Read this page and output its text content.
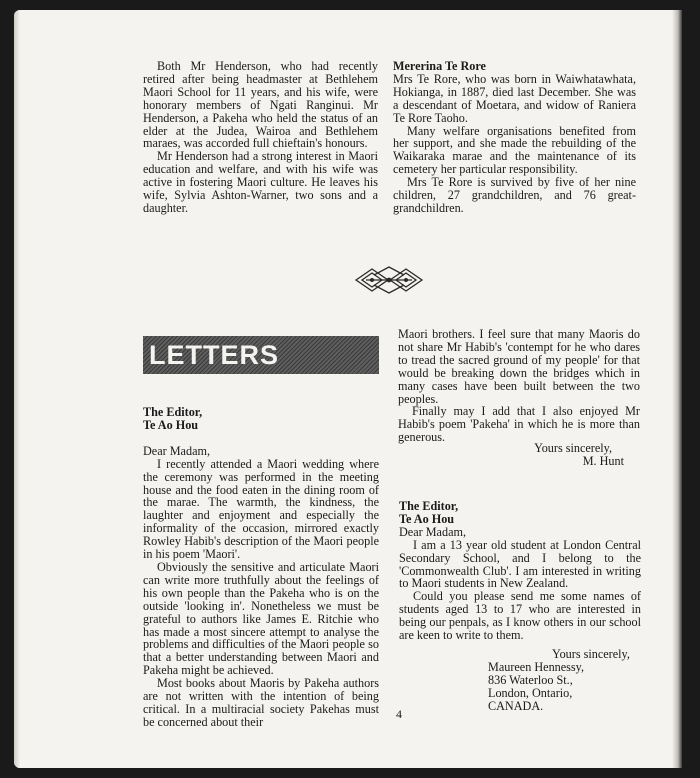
Both Mr Henderson, who had recently retired after being headmaster at Bethlehem Maori School for 11 years, and his wife, were honorary members of Ngati Ranginui. Mr Henderson, a Pakeha who held the status of an elder at the Judea, Wairoa and Bethlehem maraes, was accorded full chieftain's honours.

Mr Henderson had a strong interest in Maori education and welfare, and with his wife was active in fostering Maori culture. He leaves his wife, Sylvia Ashton-Warner, two sons and a daughter.

Mererina Te Rore

Mrs Te Rore, who was born in Waiwhatawhata, Hokianga, in 1887, died last December. She was a descendant of Moetara, and widow of Raniera Te Rore Taoho.

Many welfare organisations benefited from her support, and she made the rebuilding of the Waikaraka marae and the maintenance of its cemetery her particular responsibility.

Mrs Te Rore is survived by five of her nine children, 27 grandchildren, and 76 great-grandchildren.

LETTERS

The Editor,

Te Ao Hou

Dear Madam,

I recently attended a Maori wedding where the ceremony was performed in the meeting house and the food eaten in the dining room of the marae. The warmth, the kindness, the laughter and enjoyment and especially the informality of the occasion, mirrored exactly Rowley Habib's description of the Maori people in his poem 'Maori'.

Obviously the sensitive and articulate Maori can write more truthfully about the feelings of his own people than the Pakeha who is on the outside 'looking in'. Nonetheless we must be grateful to authors like James E. Ritchie who has made a most sincere attempt to analyse the problems and difficulties of the Maori people so that a better understanding between Maori and Pakeha might be achieved.

Most books about Maoris by Pakeha authors are not written with the intention of being critical. In a multiracial society Pakehas must be concerned about their

Maori brothers. I feel sure that many Maoris do not share Mr Habib's 'contempt for he who dares to tread the sacred ground of my people' for that would be breaking down the bridges which in many cases have been built between the two peoples.

Finally may I add that I also enjoyed Mr Habib's poem 'Pakeha' in which he is more than generous.

Yours sincerely,
M. Hunt

The Editor,

Te Ao Hou

Dear Madam,

I am a 13 year old student at London Central Secondary School, and I belong to the 'Commonwealth Club'. I am interested in writing to Maori students in New Zealand.

Could you please send me some names of students aged 13 to 17 who are interested in being our penpals, as I know others in our school are keen to write to them.

Yours sincerely,
Maureen Hennessy,
836 Waterloo St.,
London, Ontario,
CANADA.
4
